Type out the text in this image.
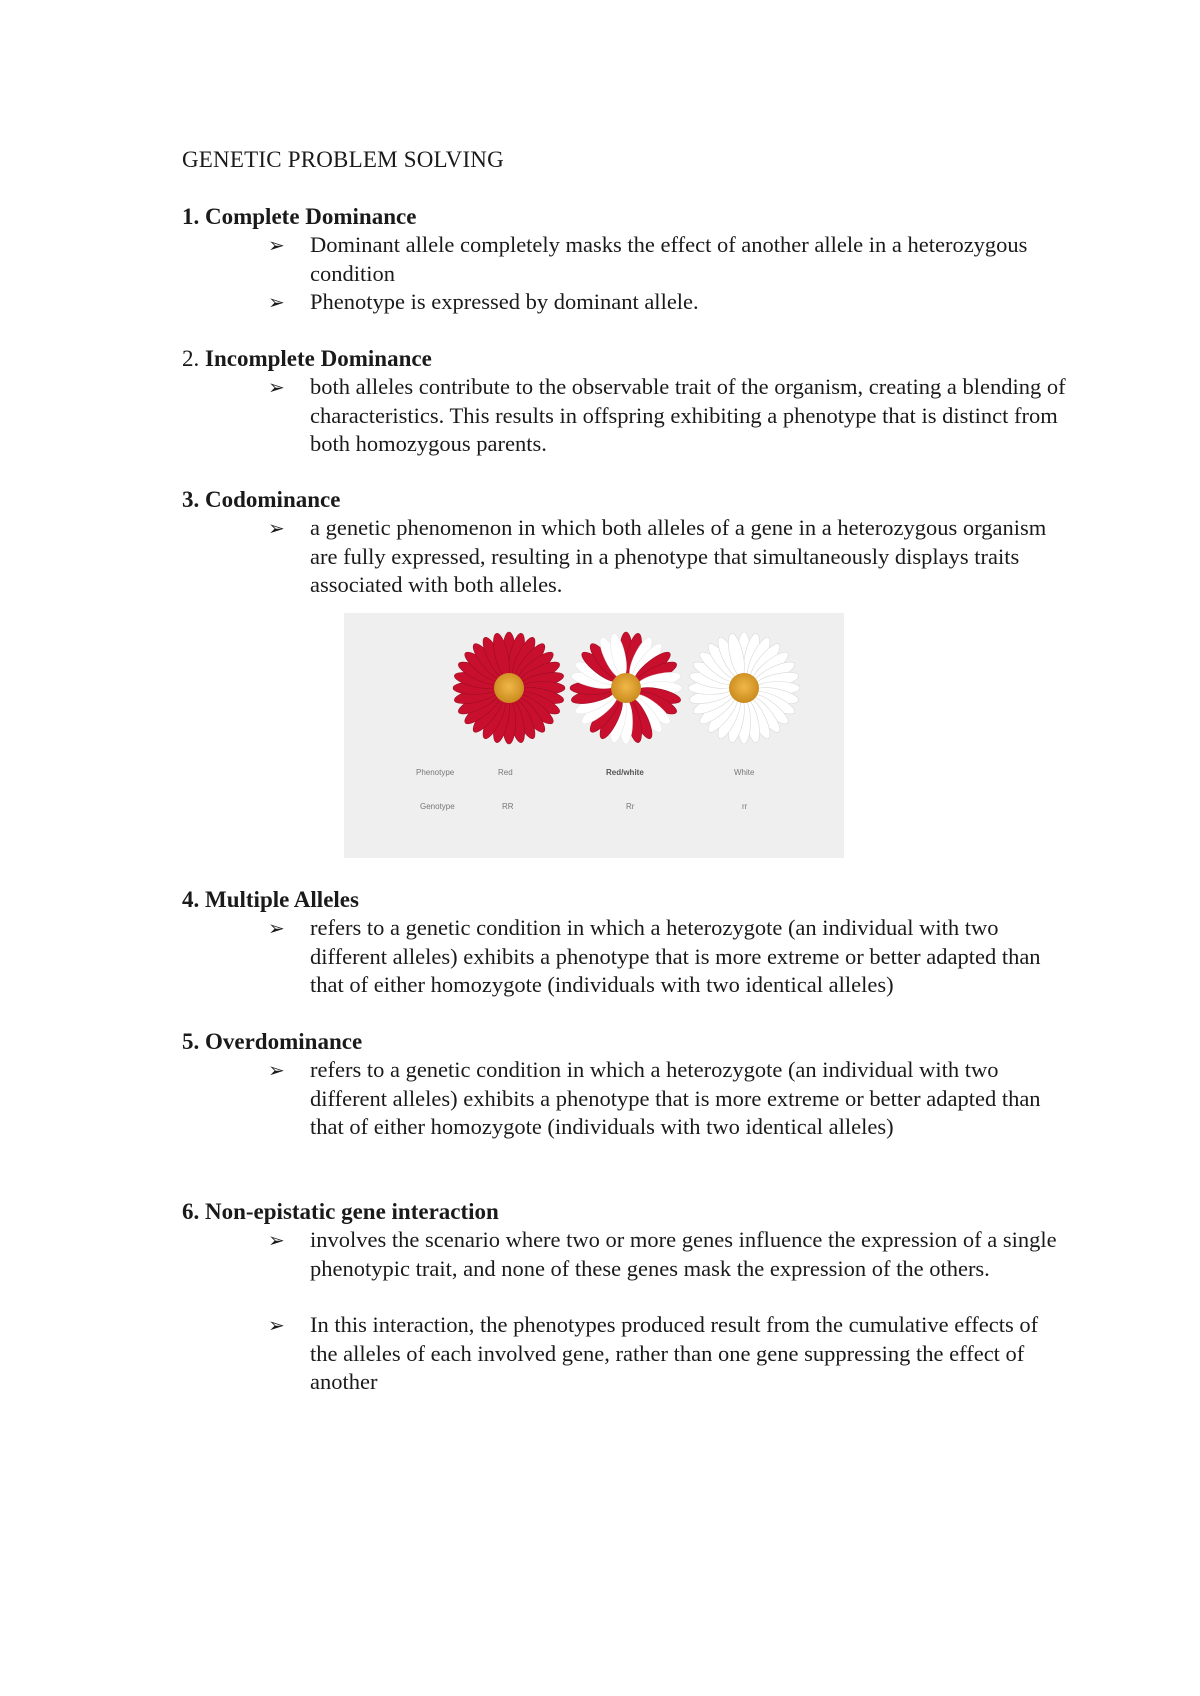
GENETIC PROBLEM SOLVING
1. Complete Dominance
➢ Dominant allele completely masks the effect of another allele in a heterozygous condition
➢ Phenotype is expressed by dominant allele.
2. Incomplete Dominance
➢ both alleles contribute to the observable trait of the organism, creating a blending of characteristics. This results in offspring exhibiting a phenotype that is distinct from both homozygous parents.
3. Codominance
➢ a genetic phenomenon in which both alleles of a gene in a heterozygous organism are fully expressed, resulting in a phenotype that simultaneously displays traits associated with both alleles.
Phenotype	Red	Red/white	White
Genotype	RR	Rr	rr
4. Multiple Alleles
➢ refers to a genetic condition in which a heterozygote (an individual with two different alleles) exhibits a phenotype that is more extreme or better adapted than that of either homozygote (individuals with two identical alleles)
5. Overdominance
➢ refers to a genetic condition in which a heterozygote (an individual with two different alleles) exhibits a phenotype that is more extreme or better adapted than that of either homozygote (individuals with two identical alleles)
6. Non-epistatic gene interaction
➢ involves the scenario where two or more genes influence the expression of a single phenotypic trait, and none of these genes mask the expression of the others.
➢ In this interaction, the phenotypes produced result from the cumulative effects of the alleles of each involved gene, rather than one gene suppressing the effect of another
